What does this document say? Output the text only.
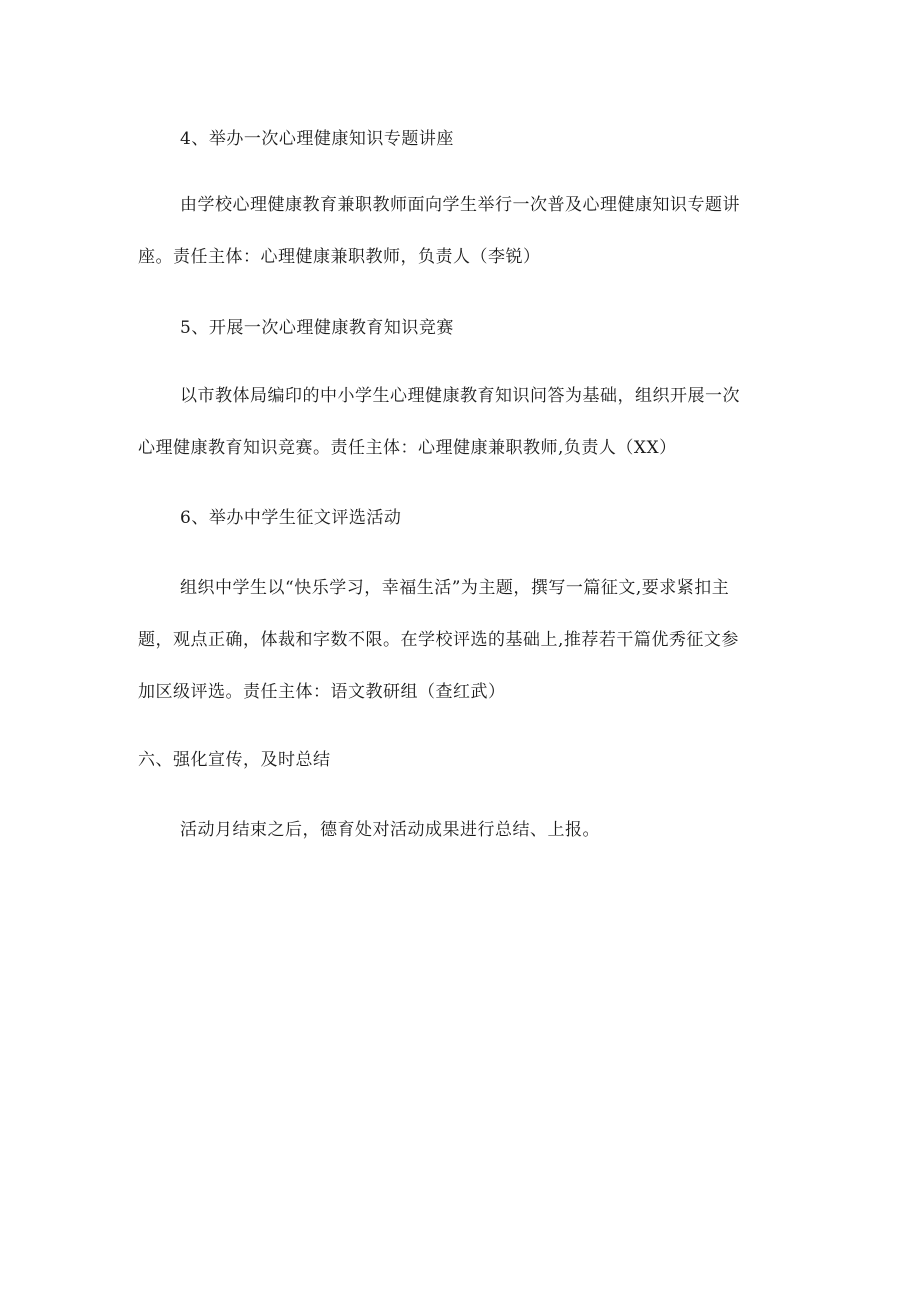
4、举办一次心理健康知识专题讲座
由学校心理健康教育兼职教师面向学生举行一次普及心理健康知识专题讲
座。责任主体：心理健康兼职教师，负责人（李锐）
5、开展一次心理健康教育知识竞赛
以市教体局编印的中小学生心理健康教育知识问答为基础，组织开展一次
心理健康教育知识竞赛。责任主体：心理健康兼职教师,负责人（XX）
6、举办中学生征文评选活动
组织中学生以“快乐学习，幸福生活”为主题，撰写一篇征文,要求紧扣主
题，观点正确，体裁和字数不限。在学校评选的基础上,推荐若干篇优秀征文参
加区级评选。责任主体：语文教研组（查红武）
六、强化宣传，及时总结
活动月结束之后，德育处对活动成果进行总结、上报。
